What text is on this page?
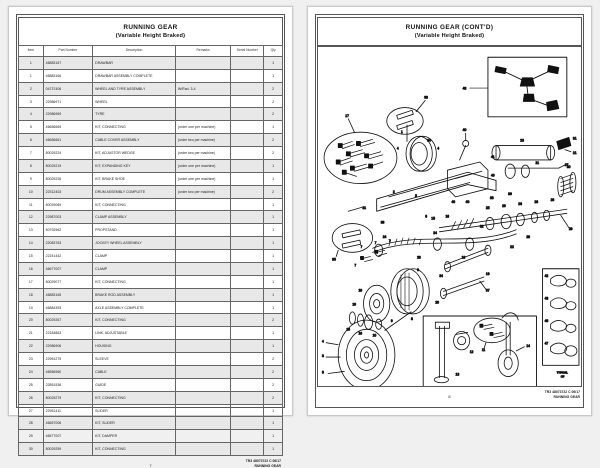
RUNNING GEAR
(Variable Height Braked)
Item	Part Number	Description	Remarks	Serial Number	Qty
1	46883167	DRAWBAR			1
1	46883166	DRAWBAR ASSEMBLY COMPLETE			1
2	04737406	WHEEL AND TYRE ASSEMBLY	W/Rad. 3-4		2
3	22986971	WHEEL			2
4	22986969	TYRE			2
5	46656669	KIT, CONNECTING	(order one per machine)		1
6	46656661	CABLE COVER ASSEMBLY	(order two per machine)		2
7	80029224	KIT, ADJUSTOR WEDGE	(order two per machine)		2
8	80029219	KIT, EXPANDING KEY	(order one per machine)		1
9	80029226	KIT, BRAKE SHOE	(order one per machine)		1
10	22312403	DRUM ASSEMBLY COMPLETE	(order two per machine)		2
11	80029069	KIT, CONNECTING			1
12	22987003	CLAMP ASSEMBLY			1
13	50792962	PROPSTAND			1
14	22083763	JOCKEY WHEEL ASSEMBLY			1
15	22241442	CLAMP			1
16	46677007	CLAMP			1
17	80029077	KIT, CONNECTING			1
18	46883165	BRAKE ROD ASSEMBLY			1
19	46884393	AXLE ASSEMBLY COMPLETE			1
20	80029267	KIT, CONNECTING			2
21	22184863	LINK, ADJUSTABLE			1
22	22986906	HOUSING			1
23	22951279	SLEEVE			2
24	46556960	CABLE			2
25	22851536	GUIDE			2
26	80029279	KIT, CONNECTING			2
27	22951411	SLIDER			1
28	46657006	KIT, SLIDER			1
29	46577007	KIT, DAMPER			1
30	80029259	KIT, CONNECTING			1
7
TR3 48073722 C 06/17
RUNNING GEAR
RUNNING GEAR (CONT'D)
(Variable Height Braked)
48
17
33
1
34	23
21
27
31
21
30
40
41
40
40	40
4
4
25
26
26
26
26
29
24
24
23
22
9
8
9
10
10
10
10
10
7
7
7
7
35
34
18
20
19
37
14
12
13
11
4
3
5
42
43
46
47
TYPICAL
OF
15
16
36
32
28
2
5
6
38
39
31
8
TR3 48073722 C 06/17
RUNNING GEAR
